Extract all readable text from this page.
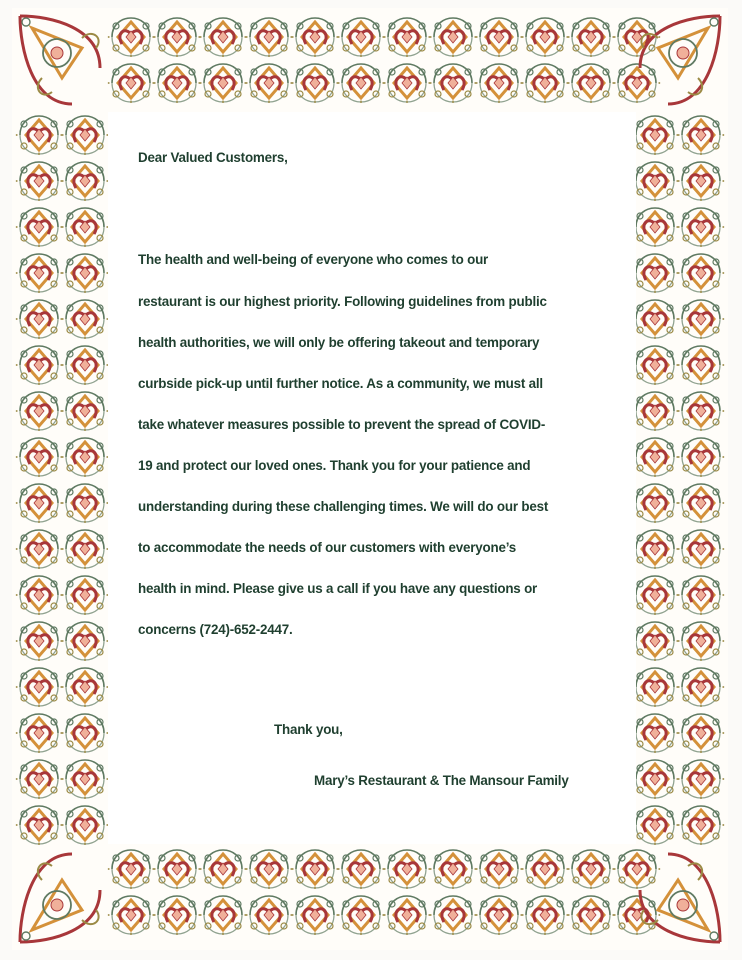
Dear Valued Customers,
The health and well-being of everyone who comes to our
restaurant is our highest priority. Following guidelines from public
health authorities, we will only be offering takeout and temporary
curbside pick-up until further notice. As a community, we must all
take whatever measures possible to prevent the spread of COVID-
19 and protect our loved ones. Thank you for your patience and
understanding during these challenging times. We will do our best
to accommodate the needs of our customers with everyone’s
health in mind. Please give us a call if you have any questions or
concerns (724)-652-2447.
Thank you,
Mary’s Restaurant & The Mansour Family
